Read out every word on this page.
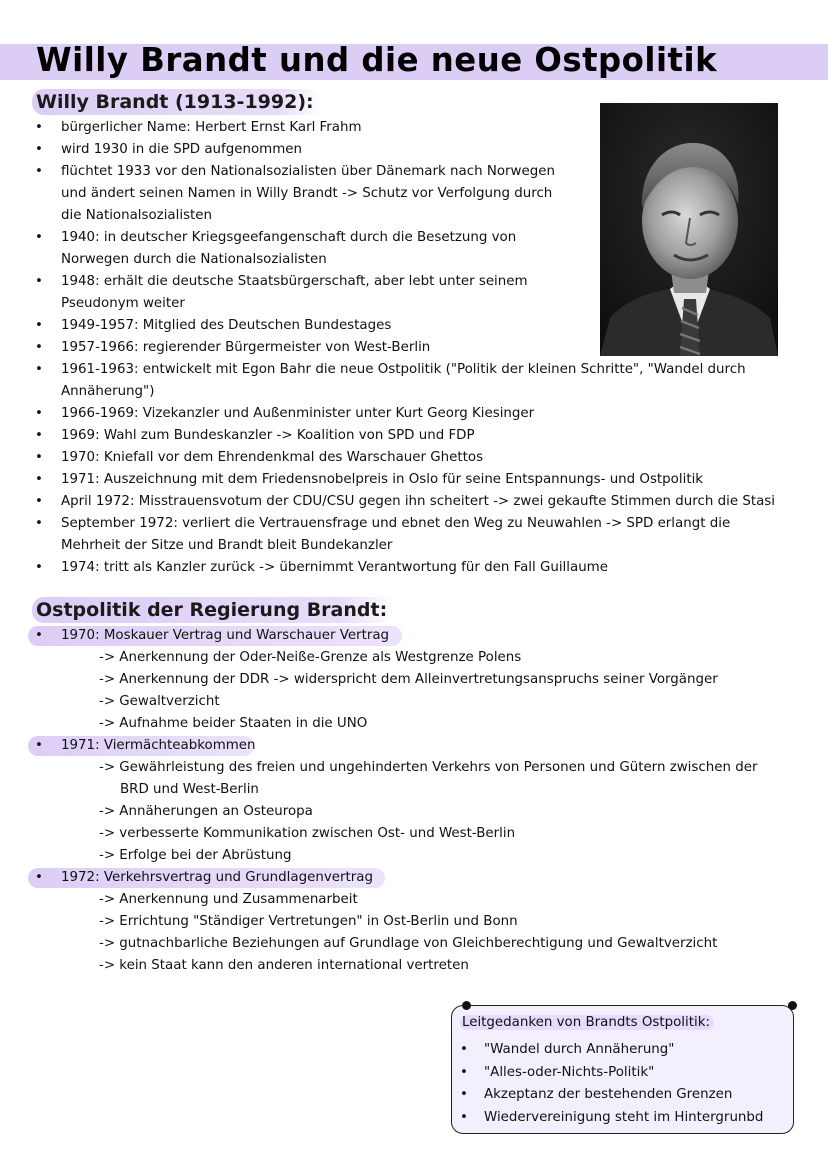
Willy Brandt und die neue Ostpolitik
Willy Brandt (1913-1992):
• bürgerlicher Name: Herbert Ernst Karl Frahm
• wird 1930 in die SPD aufgenommen
• flüchtet 1933 vor den Nationalsozialisten über Dänemark nach Norwegen
und ändert seinen Namen in Willy Brandt -> Schutz vor Verfolgung durch
die Nationalsozialisten
• 1940: in deutscher Kriegsgeefangenschaft durch die Besetzung von
Norwegen durch die Nationalsozialisten
• 1948: erhält die deutsche Staatsbürgerschaft, aber lebt unter seinem
Pseudonym weiter
• 1949-1957: Mitglied des Deutschen Bundestages
• 1957-1966: regierender Bürgermeister von West-Berlin
• 1961-1963: entwickelt mit Egon Bahr die neue Ostpolitik ("Politik der kleinen Schritte", "Wandel durch
Annäherung")
• 1966-1969: Vizekanzler und Außenminister unter Kurt Georg Kiesinger
• 1969: Wahl zum Bundeskanzler -> Koalition von SPD und FDP
• 1970: Kniefall vor dem Ehrendenkmal des Warschauer Ghettos
• 1971: Auszeichnung mit dem Friedensnobelpreis in Oslo für seine Entspannungs- und Ostpolitik
• April 1972: Misstrauensvotum der CDU/CSU gegen ihn scheitert -> zwei gekaufte Stimmen durch die Stasi
• September 1972: verliert die Vertrauensfrage und ebnet den Weg zu Neuwahlen -> SPD erlangt die
Mehrheit der Sitze und Brandt bleit Bundekanzler
• 1974: tritt als Kanzler zurück -> übernimmt Verantwortung für den Fall Guillaume
Ostpolitik der Regierung Brandt:
• 1970: Moskauer Vertrag und Warschauer Vertrag
-> Anerkennung der Oder-Neiße-Grenze als Westgrenze Polens
-> Anerkennung der DDR -> widerspricht dem Alleinvertretungsanspruchs seiner Vorgänger
-> Gewaltverzicht
-> Aufnahme beider Staaten in die UNO
• 1971: Viermächteabkommen
-> Gewährleistung des freien und ungehinderten Verkehrs von Personen und Gütern zwischen der
BRD und West-Berlin
-> Annäherungen an Osteuropa
-> verbesserte Kommunikation zwischen Ost- und West-Berlin
-> Erfolge bei der Abrüstung
• 1972: Verkehrsvertrag und Grundlagenvertrag
-> Anerkennung und Zusammenarbeit
-> Errichtung "Ständiger Vertretungen" in Ost-Berlin und Bonn
-> gutnachbarliche Beziehungen auf Grundlage von Gleichberechtigung und Gewaltverzicht
-> kein Staat kann den anderen international vertreten
Leitgedanken von Brandts Ostpolitik:
• "Wandel durch Annäherung"
• "Alles-oder-Nichts-Politik"
• Akzeptanz der bestehenden Grenzen
• Wiedervereinigung steht im Hintergrunbd
